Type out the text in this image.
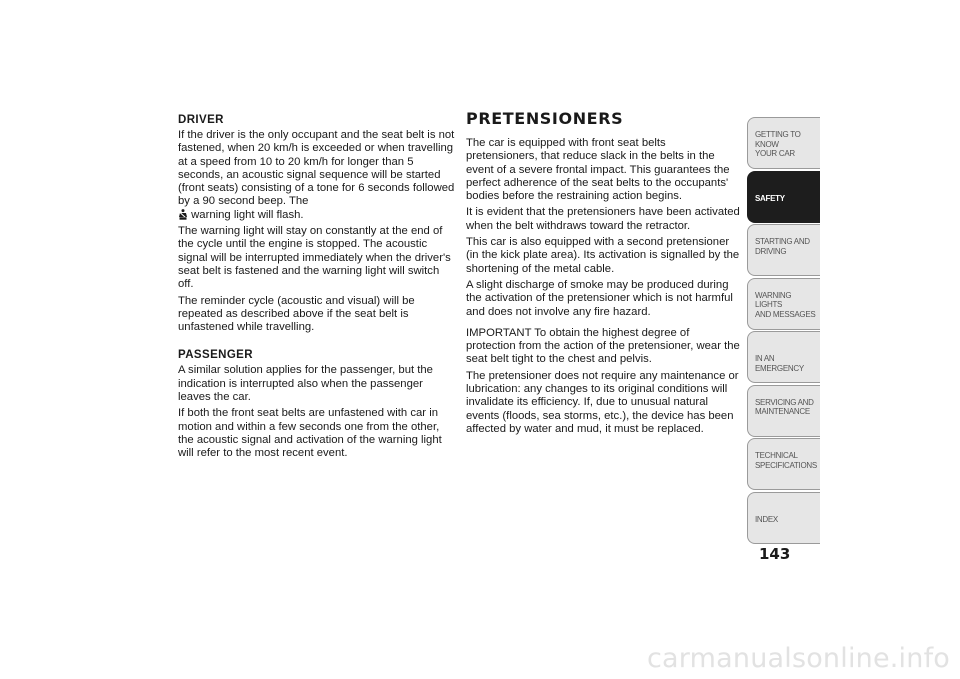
DRIVER

If the driver is the only occupant and the seat belt is not fastened, when 20 km/h is exceeded or when travelling at a speed from 10 to 20 km/h for longer than 5 seconds, an acoustic signal sequence will be started (front seats) consisting of a tone for 6 seconds followed by a 90 second beep. The
warning light will flash.

The warning light will stay on constantly at the end of the cycle until the engine is stopped. The acoustic signal will be interrupted immediately when the driver's seat belt is fastened and the warning light will switch off.

The reminder cycle (acoustic and visual) will be repeated as described above if the seat belt is unfastened while travelling.

PASSENGER

A similar solution applies for the passenger, but the indication is interrupted also when the passenger leaves the car.

If both the front seat belts are unfastened with car in motion and within a few seconds one from the other, the acoustic signal and activation of the warning light will refer to the most recent event.

PRETENSIONERS

The car is equipped with front seat belts pretensioners, that reduce slack in the belts in the event of a severe frontal impact. This guarantees the perfect adherence of the seat belts to the occupants' bodies before the restraining action begins.

It is evident that the pretensioners have been activated when the belt withdraws toward the retractor.

This car is also equipped with a second pretensioner (in the kick plate area). Its activation is signalled by the shortening of the metal cable.

A slight discharge of smoke may be produced during the activation of the pretensioner which is not harmful and does not involve any fire hazard.

IMPORTANT To obtain the highest degree of protection from the action of the pretensioner, wear the seat belt tight to the chest and pelvis.

The pretensioner does not require any maintenance or lubrication: any changes to its original conditions will invalidate its efficiency. If, due to unusual natural events (floods, sea storms, etc.), the device has been affected by water and mud, it must be replaced.

GETTING TO KNOW
YOUR CAR
SAFETY
STARTING AND
DRIVING
WARNING LIGHTS
AND MESSAGES
IN AN EMERGENCY
SERVICING AND
MAINTENANCE
TECHNICAL
SPECIFICATIONS
INDEX
143
carmanualsonline.info
